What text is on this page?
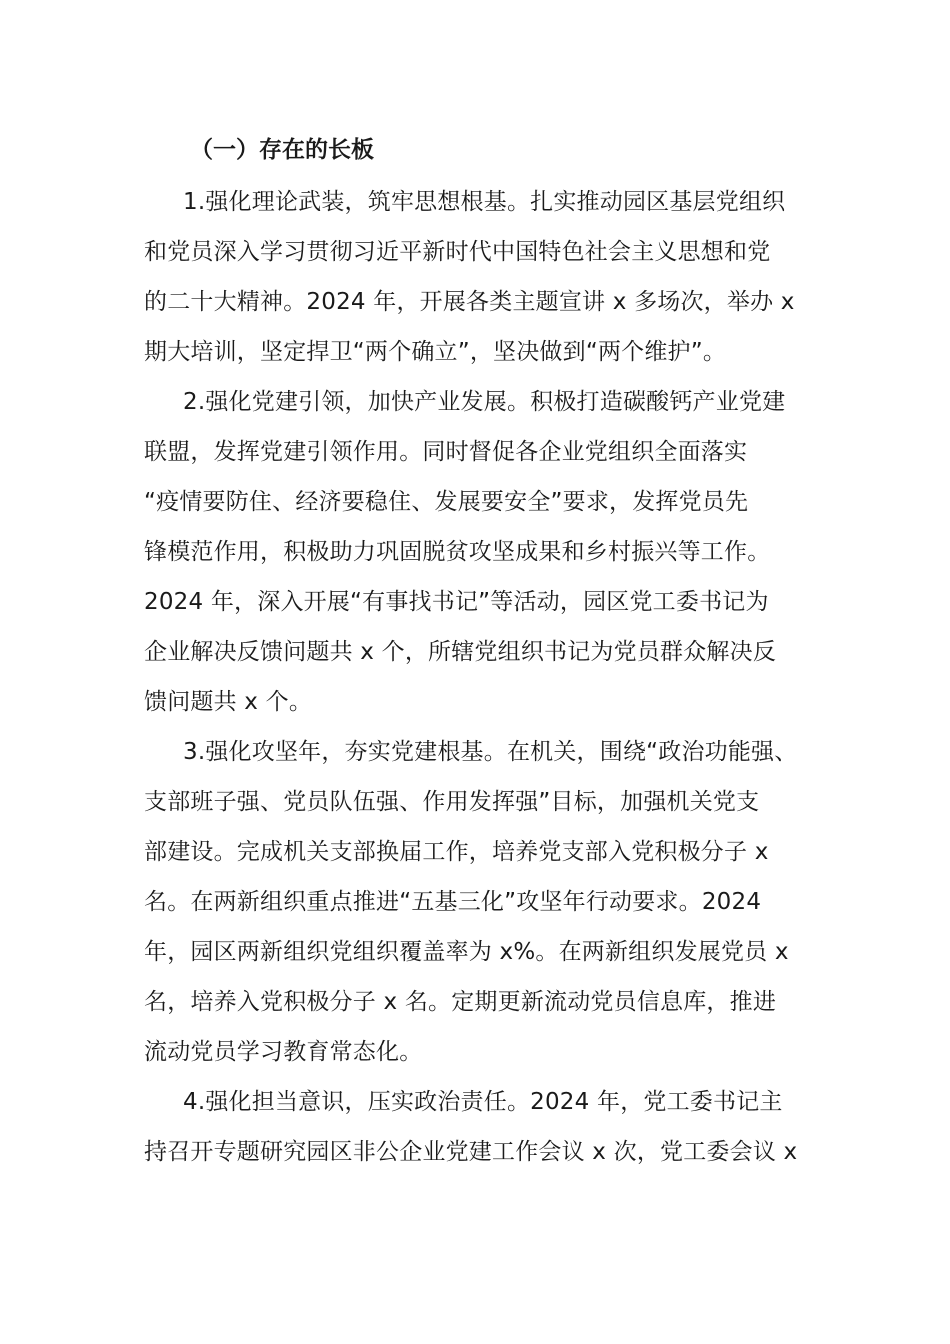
（一）存在的长板
1.强化理论武装，筑牢思想根基。扎实推动园区基层党组织
和党员深入学习贯彻习近平新时代中国特色社会主义思想和党
的二十大精神。2024 年，开展各类主题宣讲 x 多场次，举办 x
期大培训，坚定捍卫“两个确立”，坚决做到“两个维护”。
2.强化党建引领，加快产业发展。积极打造碳酸钙产业党建
联盟，发挥党建引领作用。同时督促各企业党组织全面落实
“疫情要防住、经济要稳住、发展要安全”要求，发挥党员先
锋模范作用，积极助力巩固脱贫攻坚成果和乡村振兴等工作。
2024 年，深入开展“有事找书记”等活动，园区党工委书记为
企业解决反馈问题共 x 个，所辖党组织书记为党员群众解决反
馈问题共 x 个。
3.强化攻坚年，夯实党建根基。在机关，围绕“政治功能强、
支部班子强、党员队伍强、作用发挥强”目标，加强机关党支
部建设。完成机关支部换届工作，培养党支部入党积极分子 x
名。在两新组织重点推进“五基三化”攻坚年行动要求。2024
年，园区两新组织党组织覆盖率为 x%。在两新组织发展党员 x
名，培养入党积极分子 x 名。定期更新流动党员信息库，推进
流动党员学习教育常态化。
4.强化担当意识，压实政治责任。2024 年，党工委书记主
持召开专题研究园区非公企业党建工作会议 x 次，党工委会议 x
